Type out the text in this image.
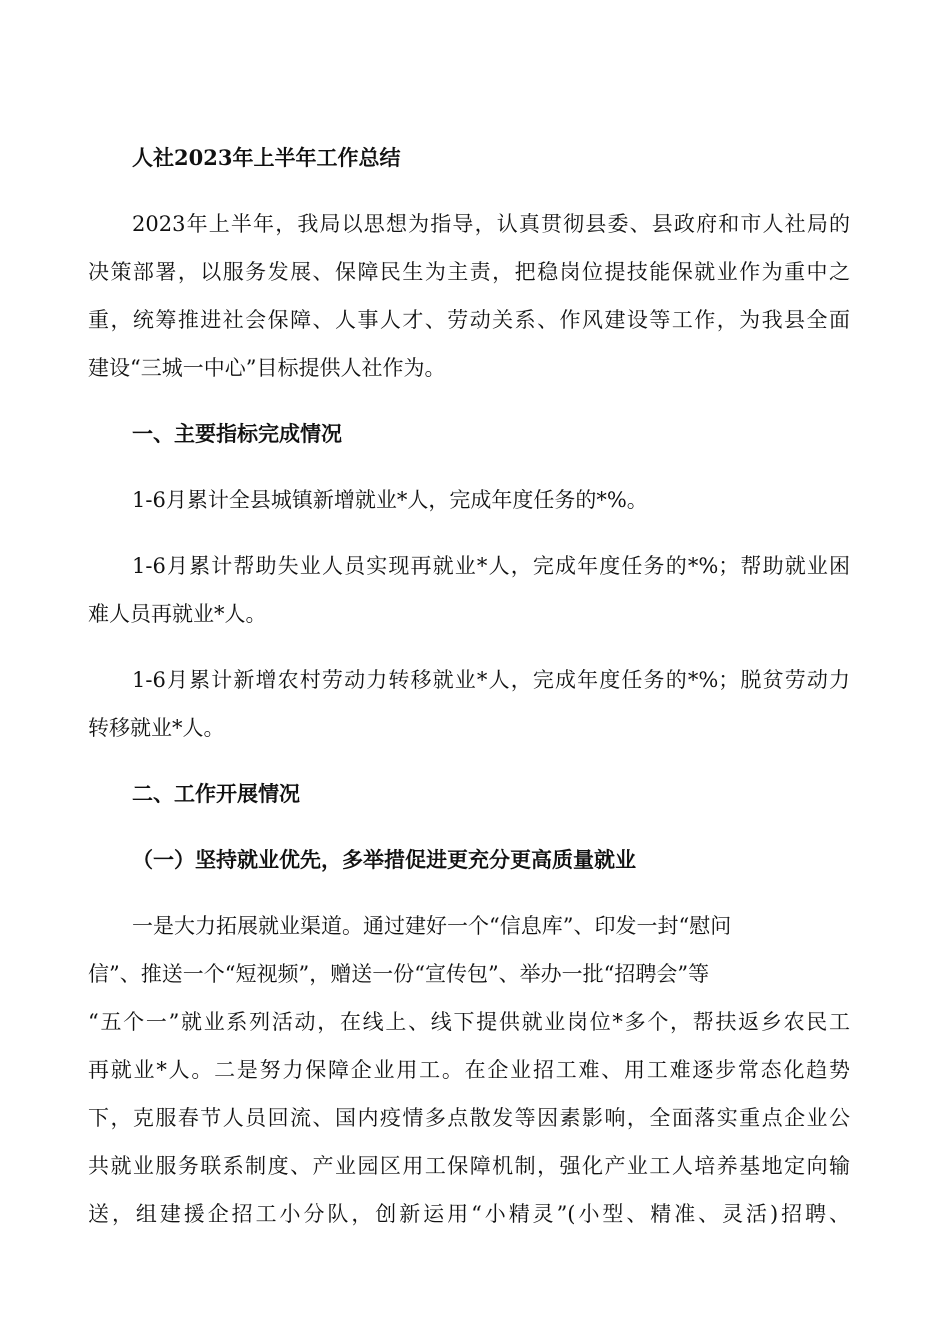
人社2023年上半年工作总结
2023年上半年，我局以思想为指导，认真贯彻县委、县政府和市人社局的
决策部署，以服务发展、保障民生为主责，把稳岗位提技能保就业作为重中之
重，统筹推进社会保障、人事人才、劳动关系、作风建设等工作，为我县全面
建设“三城一中心”目标提供人社作为。
一、主要指标完成情况
1-6月累计全县城镇新增就业*人，完成年度任务的*%。
1-6月累计帮助失业人员实现再就业*人，完成年度任务的*%；帮助就业困
难人员再就业*人。
1-6月累计新增农村劳动力转移就业*人，完成年度任务的*%；脱贫劳动力
转移就业*人。
二、工作开展情况
（一）坚持就业优先，多举措促进更充分更高质量就业
一是大力拓展就业渠道。通过建好一个“信息库”、印发一封“慰问
信”、推送一个“短视频”，赠送一份“宣传包”、举办一批“招聘会”等
“五个一”就业系列活动，在线上、线下提供就业岗位*多个，帮扶返乡农民工
再就业*人。二是努力保障企业用工。在企业招工难、用工难逐步常态化趋势
下，克服春节人员回流、国内疫情多点散发等因素影响，全面落实重点企业公
共就业服务联系制度、产业园区用工保障机制，强化产业工人培养基地定向输
送，组建援企招工小分队，创新运用“小精灵”(小型、精准、灵活)招聘、
